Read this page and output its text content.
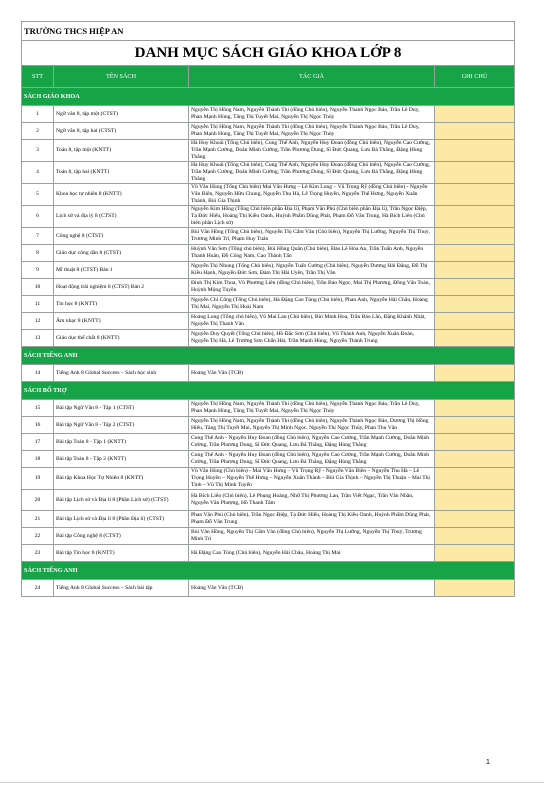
TRƯỜNG THCS HIỆP AN			
DANH MỤC SÁCH GIÁO KHOA LỚP 8			
STT	TÊN SÁCH	TÁC GIẢ	GHI CHÚ
SÁCH GIÁO KHOA			
1	Ngữ văn 8, tập một (CTST)	Nguyễn Thị Hồng Nam, Nguyễn Thành Thi (đồng Chủ biên), Nguyễn Thành Ngọc Bảo, Trần Lê Duy, Phan Mạnh Hùng, Tăng Thị Tuyết Mai, Nguyễn Thị Ngọc Thúy	

2	Ngữ văn 8, tập hai (CTST)	Nguyễn Thị Hồng Nam, Nguyễn Thành Thi (đồng Chủ biên), Nguyễn Thành Ngọc Bảo, Trần Lê Duy, Phan Mạnh Hùng, Tăng Thị Tuyết Mai, Nguyễn Thị Ngọc Thúy	

3	Toán 8, tập một (KNTT)	Hà Huy Khoái (Tổng Chủ biên), Cung Thế Anh, Nguyễn Huy Đoan (đồng Chủ biên), Nguyễn Cao Cường, Trần Mạnh Cường, Doãn Minh Cường, Trần Phương Dung, Sĩ Đức Quang, Lưu Bá Thắng, Đặng Hùng Thắng	

4	Toán 8, tập hai (KNTT)	Hà Huy Khoái (Tổng Chủ biên), Cung Thế Anh, Nguyễn Huy Đoan (đồng Chủ biên), Nguyễn Cao Cường, Trần Mạnh Cường, Doãn Minh Cường, Trần Phương Dung, Sĩ Đức Quang, Lưu Bá Thắng, Đặng Hùng Thắng	

5	Khoa học tự nhiên 8 (KNTT)	Vũ Văn Hùng (Tổng Chủ biên) Mai Văn Hưng – Lê Kim Long – Vũ Trọng Rỹ (đồng Chủ biên) - Nguyễn Văn Biên, Nguyễn Hữu Chung, Nguyễn Thu Hà, Lê Trọng Huyền, Nguyễn Thế Hưng, Nguyễn Xuân Thành, Bùi Gia Thịnh	

6	Lịch sử và địa lý 8 (CTST)	Nguyễn Kim Hồng (Tổng Chủ biên phần Địa lí), Phạm Văn Phú (Chủ biên phần Địa lí), Trần Ngọc Điệp, Tạ Đức Hiếu, Hoàng Thị Kiều Oanh, Huỳnh Phẩm Dũng Phát, Phạm Đỗ Văn Trung, Hà Bích Liên (Chủ biên phần Lịch sử)	

7	Công nghệ 8 (CTST)	Bùi Văn Hồng (Tổng Chủ biên), Nguyễn Thị Cẩm Vân (Chủ biên), Nguyễn Thị Lưỡng, Nguyễn Thị Thuý, Trương Minh Trí, Phạm Huy Tuân	

8	Giáo dục công dân 8 (CTST)	Huỳnh Văn Sơn (Tổng chủ biên), Bùi Hồng Quân (Chủ biên), Đào Lê Hòa An, Trần Tuấn Anh, Nguyễn Thanh Huân, Đỗ Công Nam, Cao Thành Tấn	

9	Mĩ thuật 8 (CTST) Bản 1	Nguyễn Thị Nhung (Tổng Chủ biên), Nguyễn Tuấn Cường (Chủ biên), Nguyễn Dương Hải Đăng, Đỗ Thị Kiều Hạnh, Nguyễn Đức Sơn, Đàm Thị Hải Uyên, Trần Thị Vân	

10	Hoạt động trải nghiệm 8 (CTST) Bản 2	Đinh Thị Kim Thoa, Vũ Phương Liên (đồng Chủ biên), Trần Bảo Ngọc, Mai Thị Phương, Đồng Văn Toàn, Huỳnh Mộng Tuyền	

11	Tin học 8 (KNTT)	Nguyễn Chí Công (Tổng Chủ biên), Hà Đặng Cao Tùng (Chủ biên), Phan Anh, Nguyễn Hải Châu, Hoàng Thị Mai, Nguyễn Thị Hoài Nam	

12	Âm nhạc 8 (KNTT)	Hoàng Long (Tổng chủ biên), Vũ Mai Lan (Chủ biên), Bùi Minh Hoa, Trần Bảo Lân, Đặng Khánh Nhật, Nguyễn Thị Thanh Vân	

13	Giáo dục thể chất 8 (KNTT)	Nguyễn Duy Quyết (Tổng Chủ biên), Hồ Đắc Sơn (Chủ biên), Vũ Thành Anh, Nguyễn Xuân Đoàn, Nguyễn Thị Hà, Lê Trường Sơn Chấn Hải, Trần Mạnh Hùng, Nguyễn Thành Trung	

SÁCH TIẾNG ANH			
14	Tiếng Anh 8 Global Success – Sách học sinh	Hoàng Văn Vân (TCB)	

SÁCH BỔ TRỢ			
15	Bài tập Ngữ Văn 8 - Tập 1 (CTST)	Nguyễn Thị Hồng Nam, Nguyễn Thành Thi (đồng Chủ biên), Nguyễn Thành Ngọc Bảo, Trần Lê Duy, Phan Mạnh Hùng, Tăng Thị Tuyết Mai, Nguyễn Thị Ngọc Thúy	

16	Bài tập Ngữ Văn 8 - Tập 2 (CTST)	Nguyễn Thị Hồng Nam, Nguyễn Thành Thi (đồng Chủ biên), Nguyễn Thành Ngọc Bảo, Dương Thị Hồng Hiếu, Tăng Thị Tuyết Mai, Nguyễn Thị Minh Ngọc, Nguyễn Thị Ngọc Thúy, Phan Thu Vân	

17	Bài tập Toán 8 - Tập 1 (KNTT)	Cung Thế Anh - Nguyễn Huy Đoan (đồng Chủ biên), Nguyễn Cao Cường, Trần Mạnh Cường, Doãn Minh Cường, Trần Phương Dung, Sĩ Đức Quang, Lưu Bá Thắng, Đặng Hùng Thắng	

18	Bài tập Toán 8 - Tập 2 (KNTT)	Cung Thế Anh - Nguyễn Huy Đoan (đồng Chủ biên), Nguyễn Cao Cường, Trần Mạnh Cường, Doãn Minh Cường, Trần Phương Dung, Sĩ Đức Quang, Lưu Bá Thắng, Đặng Hùng Thắng	

19	Bài tập Khoa Học Tự Nhiên 8 (KNTT)	Vũ Văn Hùng (Chủ biên) - Mai Văn Hưng – Vũ Trọng Rỹ - Nguyễn Văn Biên – Nguyễn Thu Hà – Lê Trọng Huyền – Nguyễn Thế Hưng – Nguyễn Xuân Thành – Bùi Gia Thịnh – Nguyễn Thị Thuận – Mai Thị Tình – Vũ Thị Minh Tuyến	

20	Bài tập Lịch sử và Địa lí 8 (Phần Lịch sử) (CTST)	Hà Bích Liên (Chủ biên), Lê Phụng Hoàng, Nhữ Thị Phương Lan, Trần Viết Ngạc, Trần Văn Nhân, Nguyễn Văn Phượng, Hồ Thanh Tâm	

21	Bài tập Lịch sử và Địa lí 8 (Phần Địa lí) (CTST)	Phan Văn Phú (Chủ biên), Trần Ngọc Điệp, Tạ Đức Hiếu, Hoàng Thị Kiều Oanh, Huỳnh Phẩm Dũng Phát, Phạm Đỗ Văn Trung	

22	Bài tập Công nghệ 8 (CTST)	Bùi Văn Hồng, Nguyễn Thị Cẩm Vân (đồng Chủ biên), Nguyễn Thị Lưỡng, Nguyễn Thị Thuý, Trương Minh Trí	

23	Bài tập Tin học 8 (KNTT)	Hà Đặng Cao Tùng (Chủ biên), Nguyễn Hải Châu, Hoàng Thị Mai	

SÁCH TIẾNG ANH			
24	Tiếng Anh 8 Global Success – Sách bài tập	Hoàng Văn Vân (TCB)	

1
